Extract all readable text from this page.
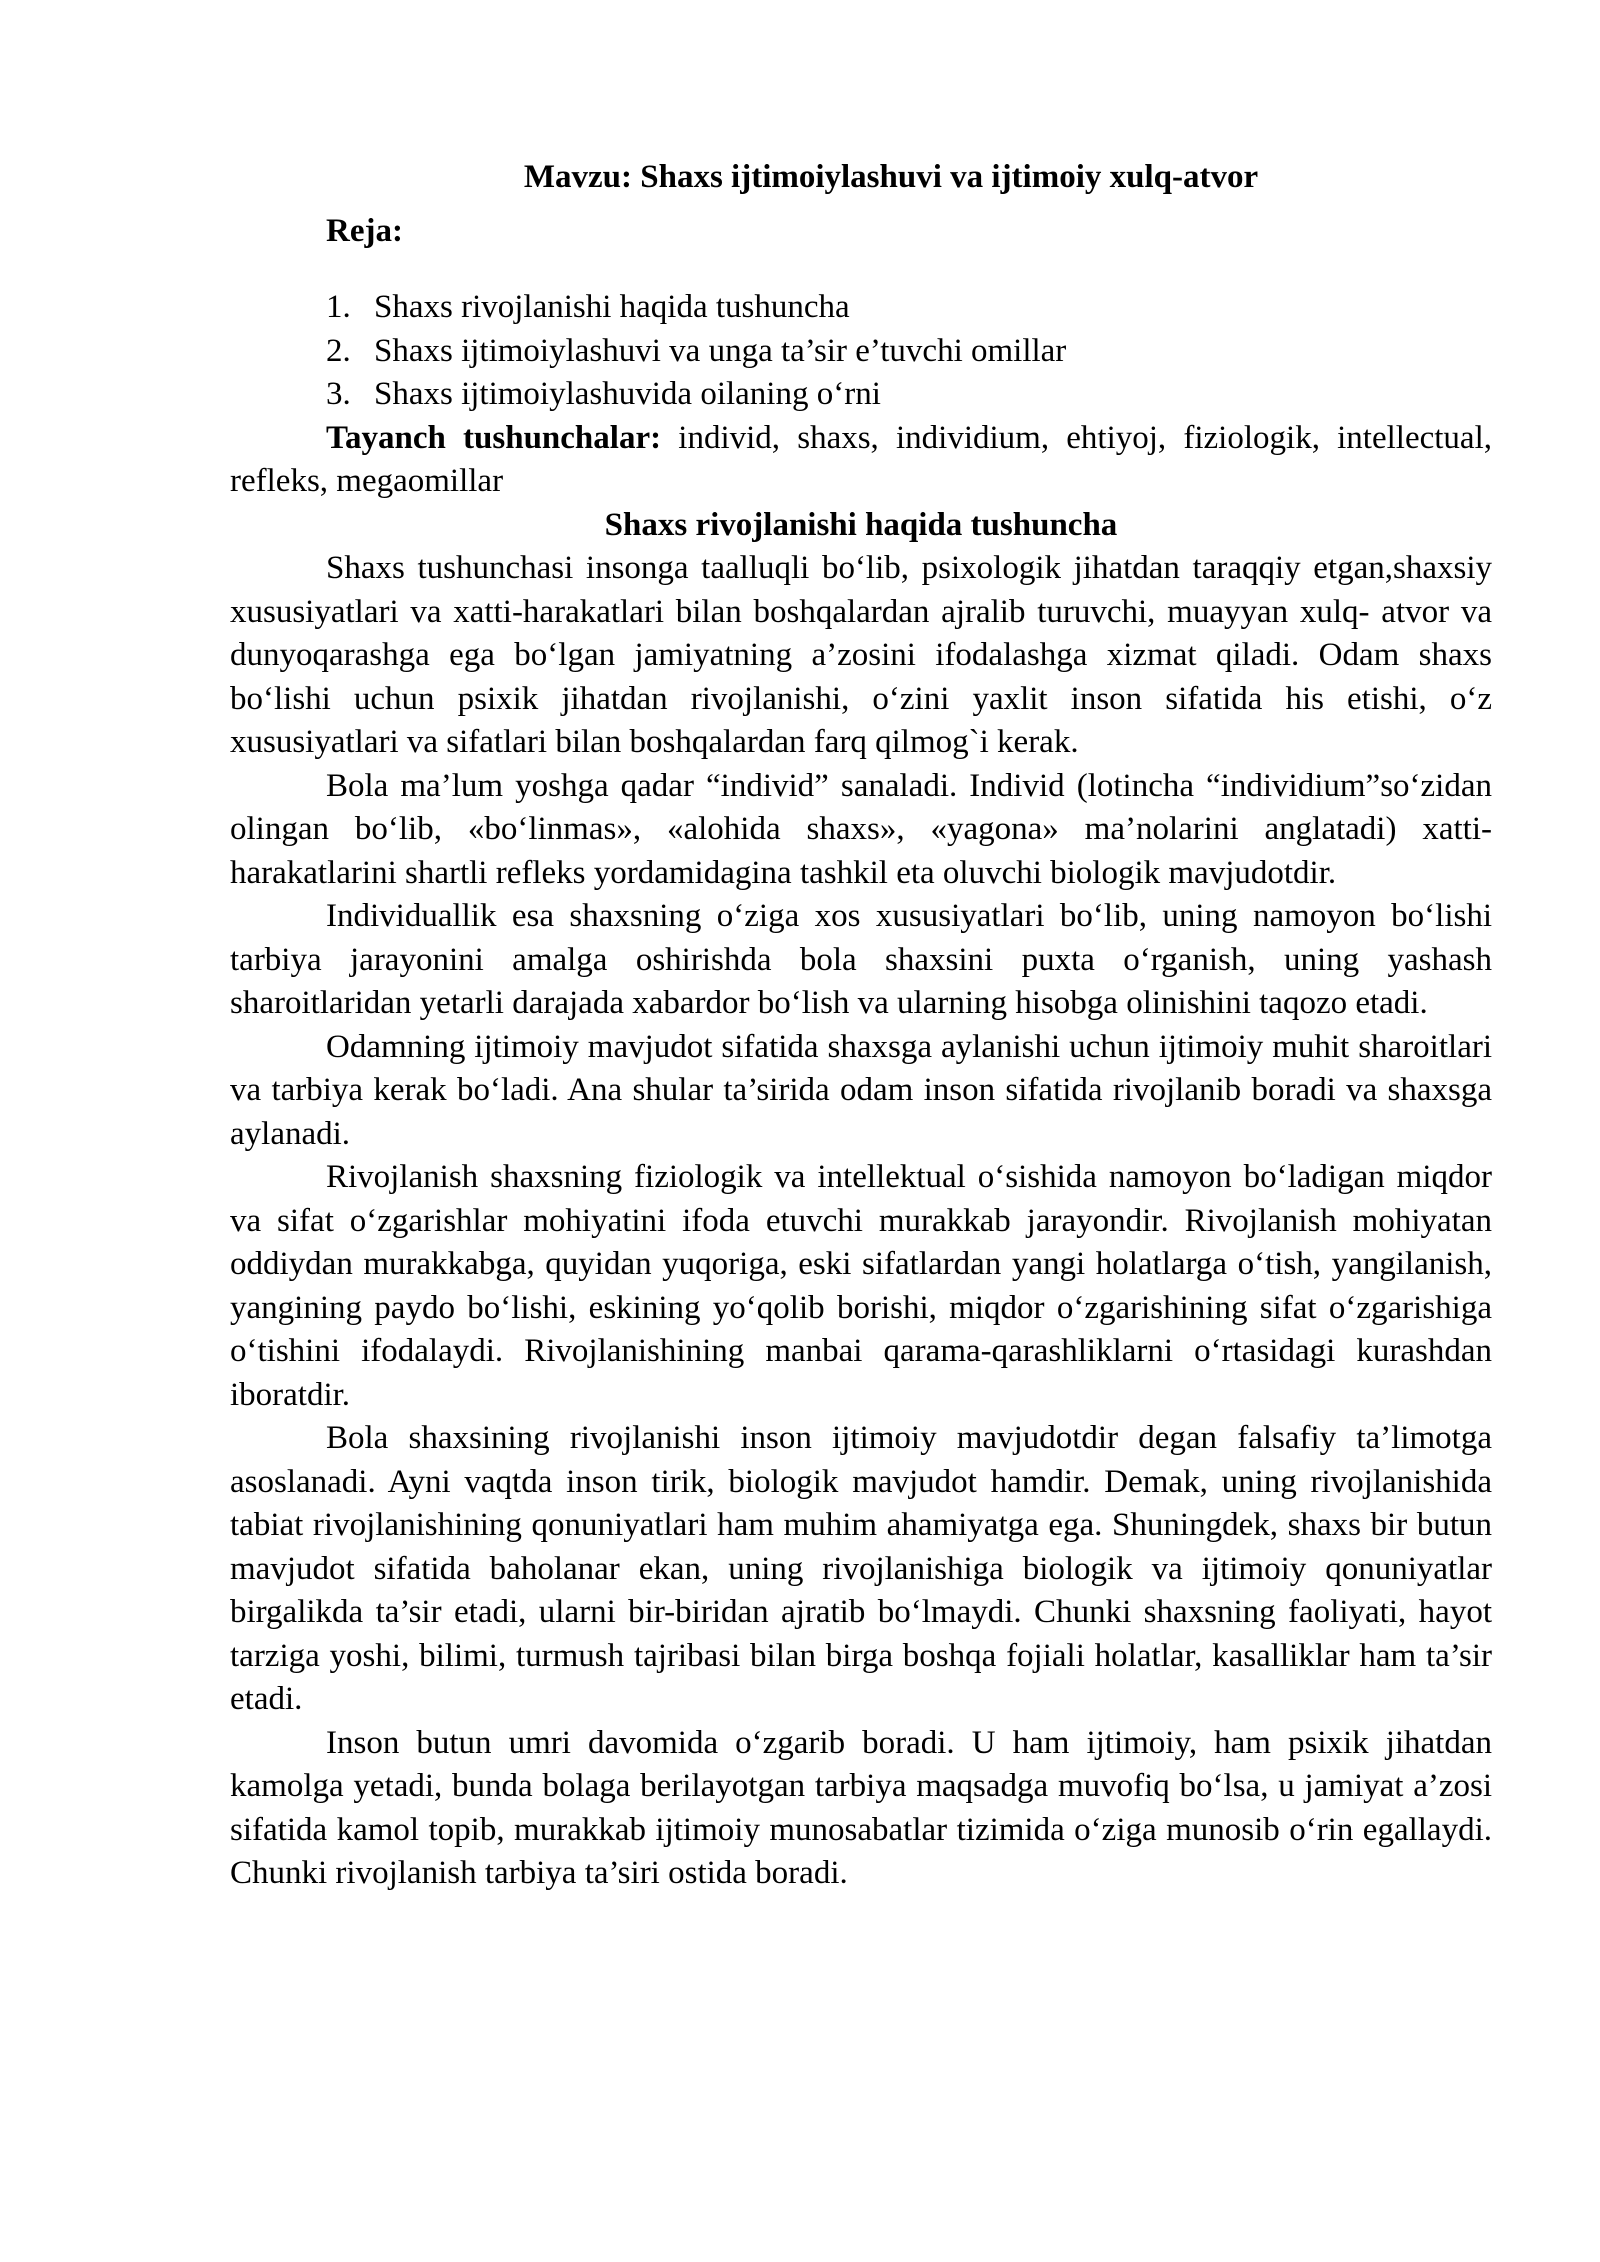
Mavzu: Shaxs ijtimoiylashuvi va ijtimoiy xulq-atvor
Reja:
1. Shaxs rivojlanishi haqida tushuncha
2. Shaxs ijtimoiylashuvi va unga ta’sir e’tuvchi omillar
3. Shaxs ijtimoiylashuvida oilaning o‘rni

Tayanch tushunchalar: individ, shaxs, individium, ehtiyoj, fiziologik, intellectual, refleks, megaomillar

Shaxs rivojlanishi haqida tushuncha

Shaxs tushunchasi insonga taalluqli bo‘lib, psixologik jihatdan taraqqiy etgan,shaxsiy xususiyatlari va xatti-harakatlari bilan boshqalardan ajralib turuvchi, muayyan xulq- atvor va dunyoqarashga ega bo‘lgan jamiyatning a’zosini ifodalashga xizmat qiladi. Odam shaxs bo‘lishi uchun psixik jihatdan rivojlanishi, o‘zini yaxlit inson sifatida his etishi, o‘z xususiyatlari va sifatlari bilan boshqalardan farq qilmog`i kerak.

Bola ma’lum yoshga qadar “individ” sanaladi. Individ (lotincha “individium”so‘zidan olingan bo‘lib, «bo‘linmas», «alohida shaxs», «yagona» ma’nolarini anglatadi) xatti-harakatlarini shartli refleks yordamidagina tashkil eta oluvchi biologik mavjudotdir.

Individuallik esa shaxsning o‘ziga xos xususiyatlari bo‘lib, uning namoyon bo‘lishi tarbiya jarayonini amalga oshirishda bola shaxsini puxta o‘rganish, uning yashash sharoitlaridan yetarli darajada xabardor bo‘lish va ularning hisobga olinishini taqozo etadi.

Odamning ijtimoiy mavjudot sifatida shaxsga aylanishi uchun ijtimoiy muhit sharoitlari va tarbiya kerak bo‘ladi. Ana shular ta’sirida odam inson sifatida rivojlanib boradi va shaxsga aylanadi.

Rivojlanish shaxsning fiziologik va intellektual o‘sishida namoyon bo‘ladigan miqdor va sifat o‘zgarishlar mohiyatini ifoda etuvchi murakkab jarayondir. Rivojlanish mohiyatan oddiydan murakkabga, quyidan yuqoriga, eski sifatlardan yangi holatlarga o‘tish, yangilanish, yangining paydo bo‘lishi, eskining yo‘qolib borishi, miqdor o‘zgarishining sifat o‘zgarishiga o‘tishini ifodalaydi. Rivojlanishining manbai qarama-qarashliklarni o‘rtasidagi kurashdan iboratdir.

Bola shaxsining rivojlanishi inson ijtimoiy mavjudotdir degan falsafiy ta’limotga asoslanadi. Ayni vaqtda inson tirik, biologik mavjudot hamdir. Demak, uning rivojlanishida tabiat rivojlanishining qonuniyatlari ham muhim ahamiyatga ega. Shuningdek, shaxs bir butun mavjudot sifatida baholanar ekan, uning rivojlanishiga biologik va ijtimoiy qonuniyatlar birgalikda ta’sir etadi, ularni bir-biridan ajratib bo‘lmaydi. Chunki shaxsning faoliyati, hayot tarziga yoshi, bilimi, turmush tajribasi bilan birga boshqa fojiali holatlar, kasalliklar ham ta’sir etadi.

Inson butun umri davomida o‘zgarib boradi. U ham ijtimoiy, ham psixik jihatdan kamolga yetadi, bunda bolaga berilayotgan tarbiya maqsadga muvofiq bo‘lsa, u jamiyat a’zosi sifatida kamol topib, murakkab ijtimoiy munosabatlar tizimida o‘ziga munosib o‘rin egallaydi. Chunki rivojlanish tarbiya ta’siri ostida boradi.
